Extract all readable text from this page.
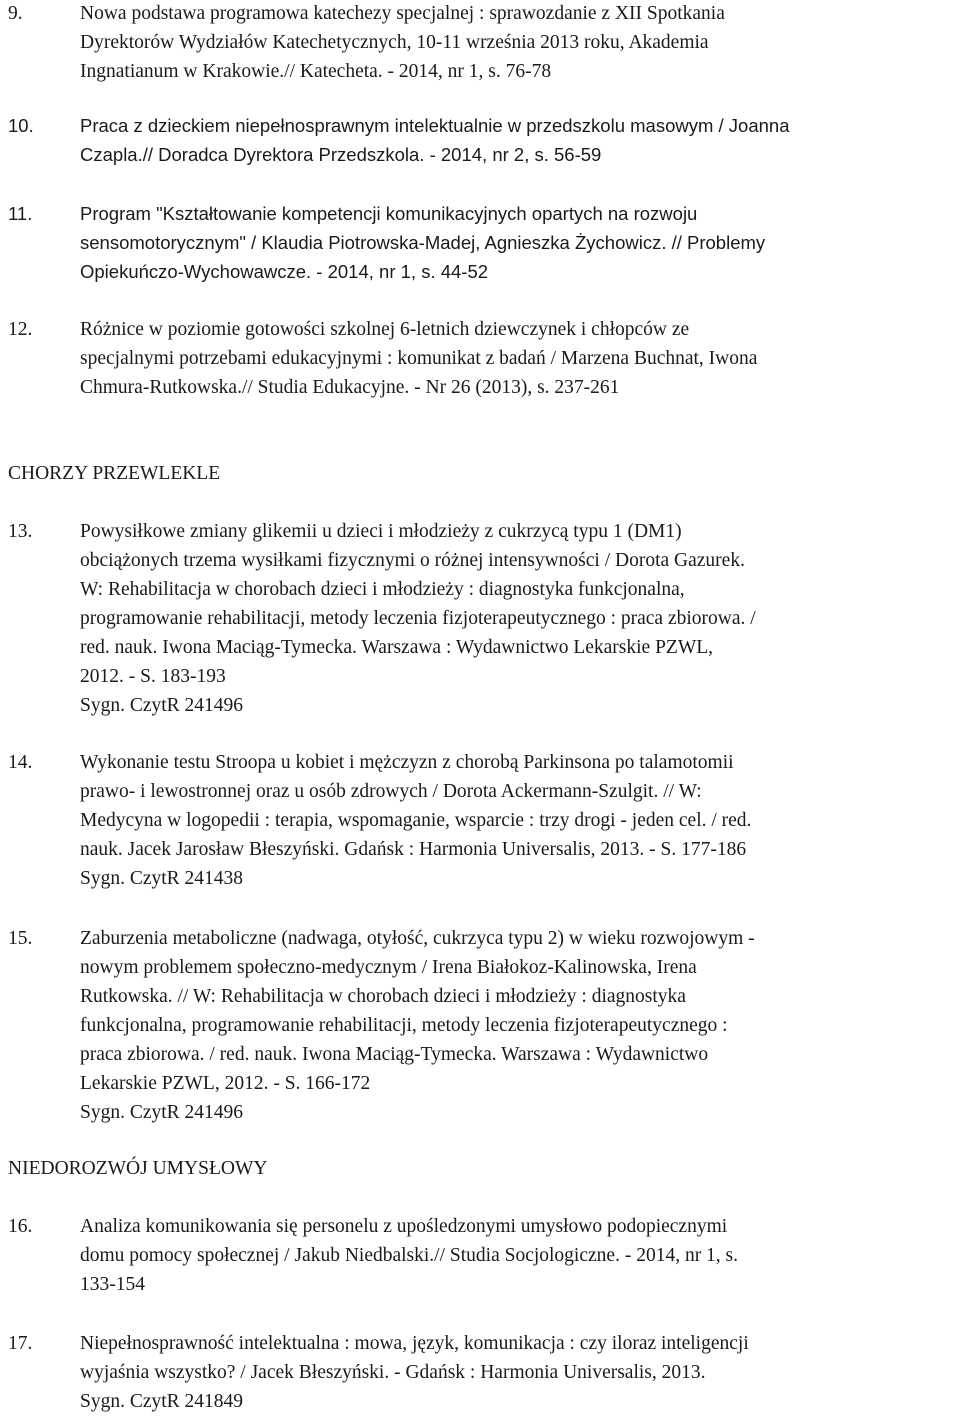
9.	Nowa podstawa programowa katechezy specjalnej : sprawozdanie z XII Spotkania
Dyrektorów Wydziałów Katechetycznych, 10-11 września 2013 roku, Akademia
Ingnatianum w Krakowie.// Katecheta. - 2014, nr 1, s. 76-78
10.	Praca z dzieckiem niepełnosprawnym intelektualnie w przedszkolu masowym / Joanna
Czapla.// Doradca Dyrektora Przedszkola. - 2014, nr 2, s. 56-59
11.	Program "Kształtowanie kompetencji komunikacyjnych opartych na rozwoju
sensomotorycznym" / Klaudia Piotrowska-Madej, Agnieszka Żychowicz. // Problemy
Opiekuńczo-Wychowawcze. - 2014, nr 1, s. 44-52
12.	Różnice w poziomie gotowości szkolnej 6-letnich dziewczynek i chłopców ze
specjalnymi potrzebami edukacyjnymi : komunikat z badań / Marzena Buchnat, Iwona
Chmura-Rutkowska.// Studia Edukacyjne. - Nr 26 (2013), s. 237-261
CHORZY PRZEWLEKLE
13.	Powysiłkowe zmiany glikemii u dzieci i młodzieży z cukrzycą typu 1 (DM1)
obciążonych trzema wysiłkami fizycznymi o różnej intensywności / Dorota Gazurek.
W: Rehabilitacja w chorobach dzieci i młodzieży : diagnostyka funkcjonalna,
programowanie rehabilitacji, metody leczenia fizjoterapeutycznego : praca zbiorowa. /
red. nauk. Iwona Maciąg-Tymecka. Warszawa : Wydawnictwo Lekarskie PZWL,
2012. - S. 183-193
Sygn. CzytR 241496
14.	Wykonanie testu Stroopa u kobiet i mężczyzn z chorobą Parkinsona po talamotomii
prawo- i lewostronnej oraz u osób zdrowych / Dorota Ackermann-Szulgit. // W:
Medycyna w logopedii : terapia, wspomaganie, wsparcie : trzy drogi - jeden cel. / red.
nauk. Jacek Jarosław Błeszyński. Gdańsk : Harmonia Universalis, 2013. - S. 177-186
Sygn. CzytR 241438
15.	Zaburzenia metaboliczne (nadwaga, otyłość, cukrzyca typu 2) w wieku rozwojowym -
nowym problemem społeczno-medycznym / Irena Białokoz-Kalinowska, Irena
Rutkowska. // W: Rehabilitacja w chorobach dzieci i młodzieży : diagnostyka
funkcjonalna, programowanie rehabilitacji, metody leczenia fizjoterapeutycznego :
praca zbiorowa. / red. nauk. Iwona Maciąg-Tymecka. Warszawa : Wydawnictwo
Lekarskie PZWL, 2012. - S. 166-172
Sygn. CzytR 241496
NIEDOROZWÓJ UMYSŁOWY
16.	Analiza komunikowania się personelu z upośledzonymi umysłowo podopiecznymi
domu pomocy społecznej / Jakub Niedbalski.// Studia Socjologiczne. - 2014, nr 1, s.
133-154
17.	Niepełnosprawność intelektualna : mowa, język, komunikacja : czy iloraz inteligencji
wyjaśnia wszystko? / Jacek Błeszyński. - Gdańsk : Harmonia Universalis, 2013.
Sygn. CzytR 241849
